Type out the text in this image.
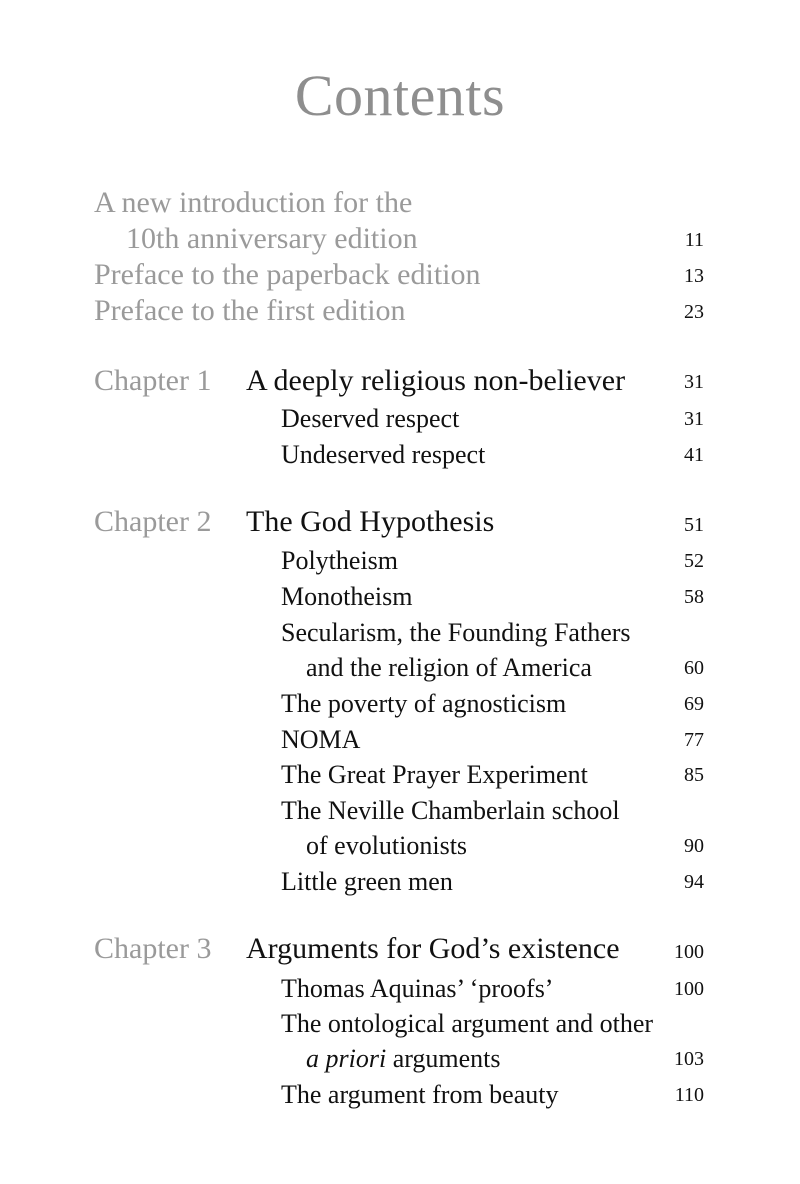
Contents
A new introduction for the
10th anniversary edition	11
Preface to the paperback edition	13
Preface to the first edition	23
Chapter 1 A deeply religious non-believer	31
Deserved respect	31
Undeserved respect	41
Chapter 2 The God Hypothesis	51
Polytheism	52
Monotheism	58
Secularism, the Founding Fathers
and the religion of America	60
The poverty of agnosticism	69
NOMA	77
The Great Prayer Experiment	85
The Neville Chamberlain school
of evolutionists	90
Little green men	94
Chapter 3 Arguments for God’s existence	100
Thomas Aquinas’ ‘proofs’	100
The ontological argument and other
a priori arguments	103
The argument from beauty	110
